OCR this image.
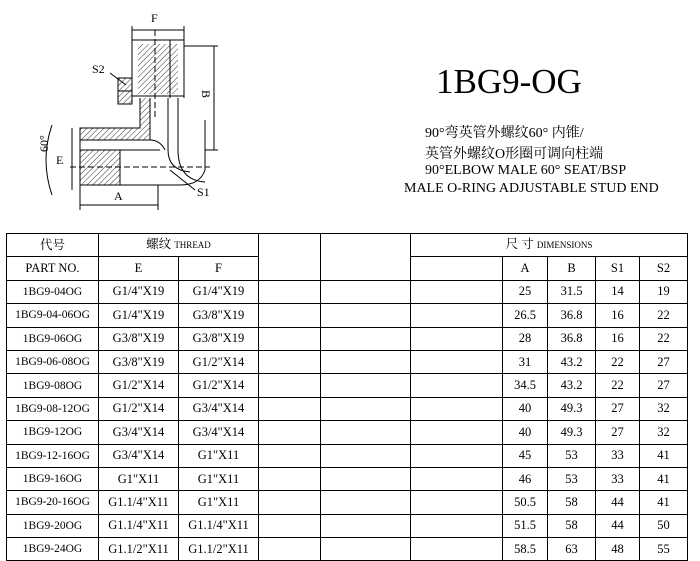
F
B
S2
E
60°
A	S1
1BG9-OG
90°弯英管外螺纹60° 内锥/
英管外螺纹O形圈可调向柱端
90°ELBOW MALE 60° SEAT/BSP
MALE O-RING ADJUSTABLE STUD END
代号	螺纹 THREAD				尺 寸 DIMENSIONS				
PART NO.	E	F				A	B	S1	S2
1BG9-04OG	G1/4"X19	G1/4"X19				25	31.5	14	19
1BG9-04-06OG	G1/4"X19	G3/8"X19				26.5	36.8	16	22
1BG9-06OG	G3/8"X19	G3/8"X19				28	36.8	16	22
1BG9-06-08OG	G3/8"X19	G1/2"X14				31	43.2	22	27
1BG9-08OG	G1/2"X14	G1/2"X14				34.5	43.2	22	27
1BG9-08-12OG	G1/2"X14	G3/4"X14				40	49.3	27	32
1BG9-12OG	G3/4"X14	G3/4"X14				40	49.3	27	32
1BG9-12-16OG	G3/4"X14	G1"X11				45	53	33	41
1BG9-16OG	G1"X11	G1"X11				46	53	33	41
1BG9-20-16OG	G1.1/4"X11	G1"X11				50.5	58	44	41
1BG9-20OG	G1.1/4"X11	G1.1/4"X11				51.5	58	44	50
1BG9-24OG	G1.1/2"X11	G1.1/2"X11				58.5	63	48	55
